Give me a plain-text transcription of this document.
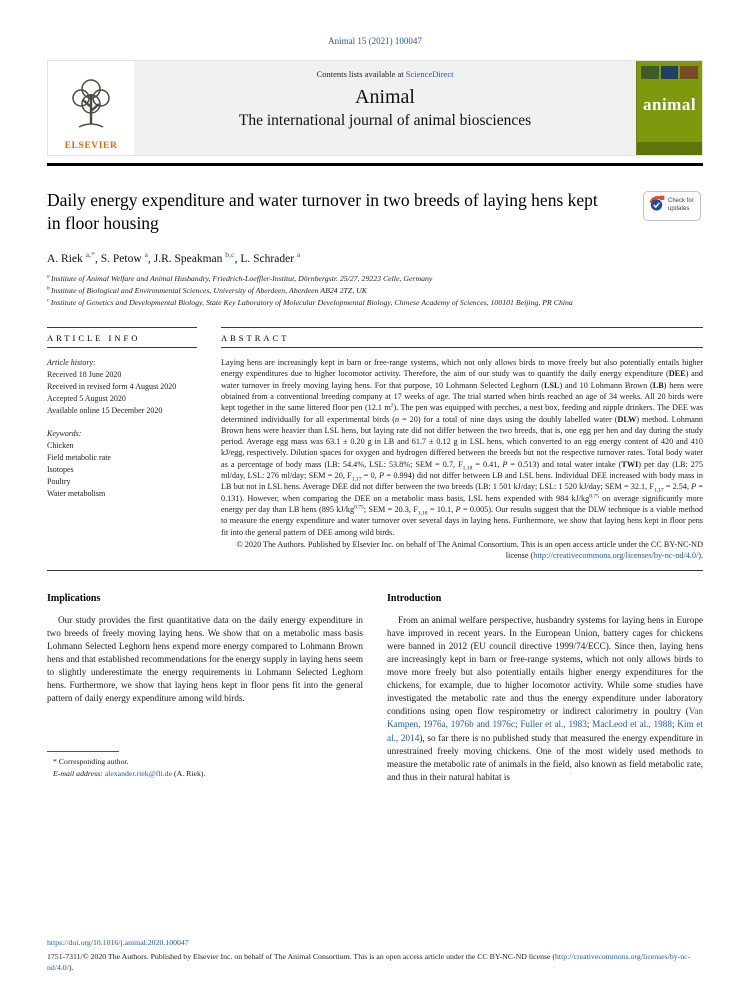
Animal 15 (2021) 100047
ELSEVIER
Contents lists available at ScienceDirect
Animal
The international journal of animal biosciences
animal
Daily energy expenditure and water turnover in two breeds of laying hens kept in floor housing
Check for updates
A. Riek $^{a,*}$, S. Petow $^a$, J.R. Speakman $^{b,c}$, L. Schrader $^a$
$^a$ Institute of Animal Welfare and Animal Husbandry, Friedrich-Loeffler-Institut, Dörnbergstr. 25/27, 29223 Celle, Germany
$^b$ Institute of Biological and Environmental Sciences, University of Aberdeen, Aberdeen AB24 2TZ, UK
$^c$ Institute of Genetics and Developmental Biology, State Key Laboratory of Molecular Developmental Biology, Chinese Academy of Sciences, 100101 Beijing, PR China
ARTICLE INFO
Article history:
Received 18 June 2020
Received in revised form 4 August 2020
Accepted 5 August 2020
Available online 15 December 2020
Keywords:
Chicken
Field metabolic rate
Isotopes
Poultry
Water metabolism
ABSTRACT
Laying hens are increasingly kept in barn or free-range systems, which not only allows birds to move freely but also potentially entails higher energy expenditures due to higher locomotor activity. Therefore, the aim of our study was to quantify the daily energy expenditure (DEE) and water turnover in freely moving laying hens. For that purpose, 10 Lohmann Selected Leghorn (LSL) and 10 Lohmann Brown (LB) hens were obtained from a conventional breeding company at 17 weeks of age. The trial started when birds reached an age of 34 weeks. All 20 birds were kept together in the same littered floor pen (12.1 $m^2$). The pen was equipped with perches, a nest box, feeding and nipple drinkers. The DEE was determined individually for all experimental birds (n = 20) for a total of nine days using the doubly labelled water (DLW) method. Lohmann Brown hens were heavier than LSL hens, but laying rate did not differ between the two breeds, that is, one egg per hen and day during the study period. Average egg mass was 63.1 ± 0.20 g in LB and 61.7 ± 0.12 g in LSL hens, which converted to an egg energy content of 420 and 410 kJ/egg, respectively. Dilution spaces for oxygen and hydrogen differed between the breeds but not the respective turnover rates. Total body water as a percentage of body mass (LB: 54.4%, LSL: 53.8%; SEM = 0.7, $F_{1,18} = 0.41$, P = 0.513) and total water intake (TWI) per day (LB: 275 ml/day, LSL: 276 ml/day; SEM = 20, $F_{1,17} = 0$, P = 0.994) did not differ between LB and LSL hens. Individual DEE increased with body mass in LB but not in LSL hens. Average DEE did not differ between the two breeds (LB: 1 501 kJ/day; LSL: 1 520 kJ/day; SEM = 32.1, $F_{1,17} = 2.54$, P = 0.131). However, when comparing the DEE on a metabolic mass basis, LSL hens expended with 984 $kJ/kg^{0.75}$ on average significantly more energy per day than LB hens (895 $kJ/kg^{0.75}$; SEM = 20.3, $F_{1,18} = 10.1$, P = 0.005). Our results suggest that the DLW technique is a viable method to measure the energy expenditure and water turnover over several days in laying hens. Furthermore, we show that laying hens kept in floor pens fit into the general pattern of DEE among wild birds.
© 2020 The Authors. Published by Elsevier Inc. on behalf of The Animal Consortium. This is an open access article under the CC BY-NC-ND license (http://creativecommons.org/licenses/by-nc-nd/4.0/).
Implications

Our study provides the first quantitative data on the daily energy expenditure in two breeds of freely moving laying hens. We show that on a metabolic mass basis Lohmann Selected Leghorn hens expend more energy compared to Lohmann Brown hens and that established recommendations for the energy supply in laying hens seem to slightly underestimate the energy requirements in Lohmann Selected Leghorn hens. Furthermore, we show that laying hens kept in floor pens fit into the general pattern of daily energy expenditure among wild birds.

* Corresponding author.
E-mail address: alexander.riek@fli.de (A. Riek).
Introduction

From an animal welfare perspective, husbandry systems for laying hens in Europe have improved in recent years. In the European Union, battery cages for chickens were banned in 2012 (EU council directive 1999/74/ECC). Since then, laying hens are increasingly kept in barn or free-range systems, which not only allows birds to move more freely but also potentially entails higher energy expenditures for the chickens, for example, due to higher locomotor activity. While some studies have investigated the metabolic rate and thus the energy expenditure under laboratory conditions using open flow respirometry or indirect calorimetry in poultry (Van Kampen, 1976a, 1976b and 1976c; Fuller et al., 1983; MacLeod et al., 1988; Kim et al., 2014), so far there is no published study that measured the energy expenditure in unrestrained freely moving chickens. One of the most widely used methods to measure the metabolic rate of animals in the field, also known as field metabolic rate, and thus in their natural habitat is

https://doi.org/10.1016/j.animal.2020.100047
1751-7311/© 2020 The Authors. Published by Elsevier Inc. on behalf of The Animal Consortium. This is an open access article under the CC BY-NC-ND license (http://creativecommons.org/licenses/by-nc-nd/4.0/).
